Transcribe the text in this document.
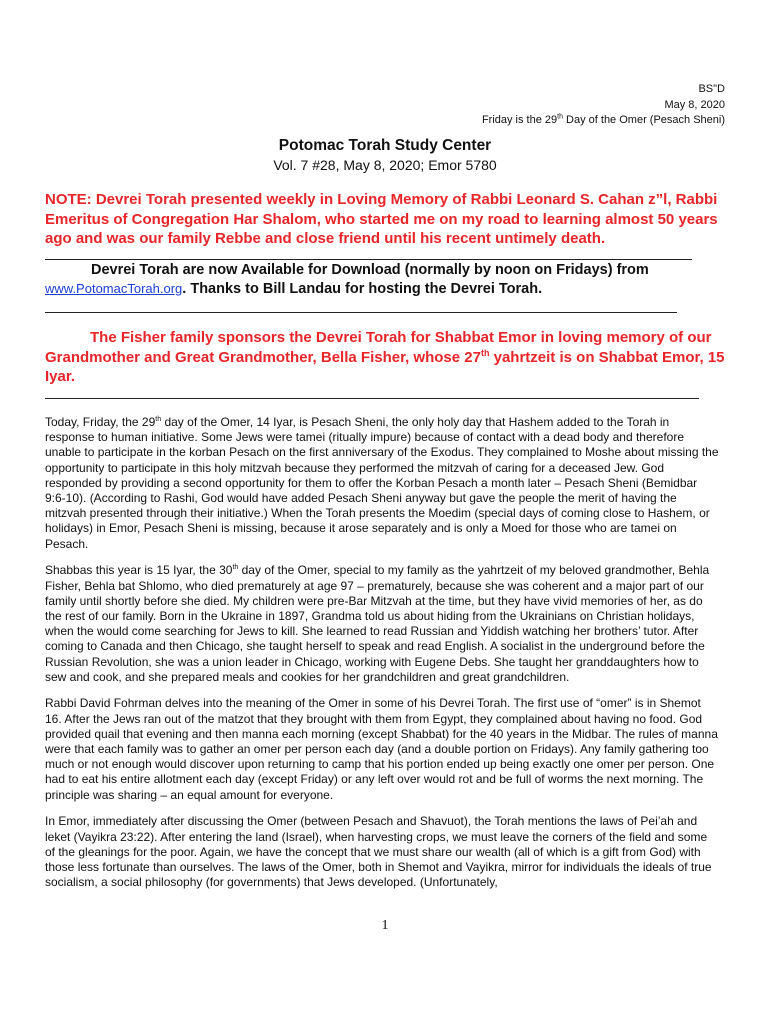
BS"D
May 8, 2020
Friday is the 29th Day of the Omer (Pesach Sheni)
Potomac Torah Study Center
Vol. 7 #28, May 8, 2020; Emor 5780
NOTE: Devrei Torah presented weekly in Loving Memory of Rabbi Leonard S. Cahan z”l, Rabbi Emeritus of Congregation Har Shalom, who started me on my road to learning almost 50 years ago and was our family Rebbe and close friend until his recent untimely death.
Devrei Torah are now Available for Download (normally by noon on Fridays) from www.PotomacTorah.org. Thanks to Bill Landau for hosting the Devrei Torah.
The Fisher family sponsors the Devrei Torah for Shabbat Emor in loving memory of our Grandmother and Great Grandmother, Bella Fisher, whose 27th yahrtzeit is on Shabbat Emor, 15 Iyar.

Today, Friday, the 29th day of the Omer, 14 Iyar, is Pesach Sheni, the only holy day that Hashem added to the Torah in response to human initiative. Some Jews were tamei (ritually impure) because of contact with a dead body and therefore unable to participate in the korban Pesach on the first anniversary of the Exodus. They complained to Moshe about missing the opportunity to participate in this holy mitzvah because they performed the mitzvah of caring for a deceased Jew. God responded by providing a second opportunity for them to offer the Korban Pesach a month later – Pesach Sheni (Bemidbar 9:6-10). (According to Rashi, God would have added Pesach Sheni anyway but gave the people the merit of having the mitzvah presented through their initiative.) When the Torah presents the Moedim (special days of coming close to Hashem, or holidays) in Emor, Pesach Sheni is missing, because it arose separately and is only a Moed for those who are tamei on Pesach.

Shabbas this year is 15 Iyar, the 30th day of the Omer, special to my family as the yahrtzeit of my beloved grandmother, Behla Fisher, Behla bat Shlomo, who died prematurely at age 97 – prematurely, because she was coherent and a major part of our family until shortly before she died. My children were pre-Bar Mitzvah at the time, but they have vivid memories of her, as do the rest of our family. Born in the Ukraine in 1897, Grandma told us about hiding from the Ukrainians on Christian holidays, when the would come searching for Jews to kill. She learned to read Russian and Yiddish watching her brothers’ tutor. After coming to Canada and then Chicago, she taught herself to speak and read English. A socialist in the underground before the Russian Revolution, she was a union leader in Chicago, working with Eugene Debs. She taught her granddaughters how to sew and cook, and she prepared meals and cookies for her grandchildren and great grandchildren.

Rabbi David Fohrman delves into the meaning of the Omer in some of his Devrei Torah. The first use of “omer” is in Shemot 16. After the Jews ran out of the matzot that they brought with them from Egypt, they complained about having no food. God provided quail that evening and then manna each morning (except Shabbat) for the 40 years in the Midbar. The rules of manna were that each family was to gather an omer per person each day (and a double portion on Fridays). Any family gathering too much or not enough would discover upon returning to camp that his portion ended up being exactly one omer per person. One had to eat his entire allotment each day (except Friday) or any left over would rot and be full of worms the next morning. The principle was sharing – an equal amount for everyone.

In Emor, immediately after discussing the Omer (between Pesach and Shavuot), the Torah mentions the laws of Pei’ah and leket (Vayikra 23:22). After entering the land (Israel), when harvesting crops, we must leave the corners of the field and some of the gleanings for the poor. Again, we have the concept that we must share our wealth (all of which is a gift from God) with those less fortunate than ourselves. The laws of the Omer, both in Shemot and Vayikra, mirror for individuals the ideals of true socialism, a social philosophy (for governments) that Jews developed. (Unfortunately,

1
